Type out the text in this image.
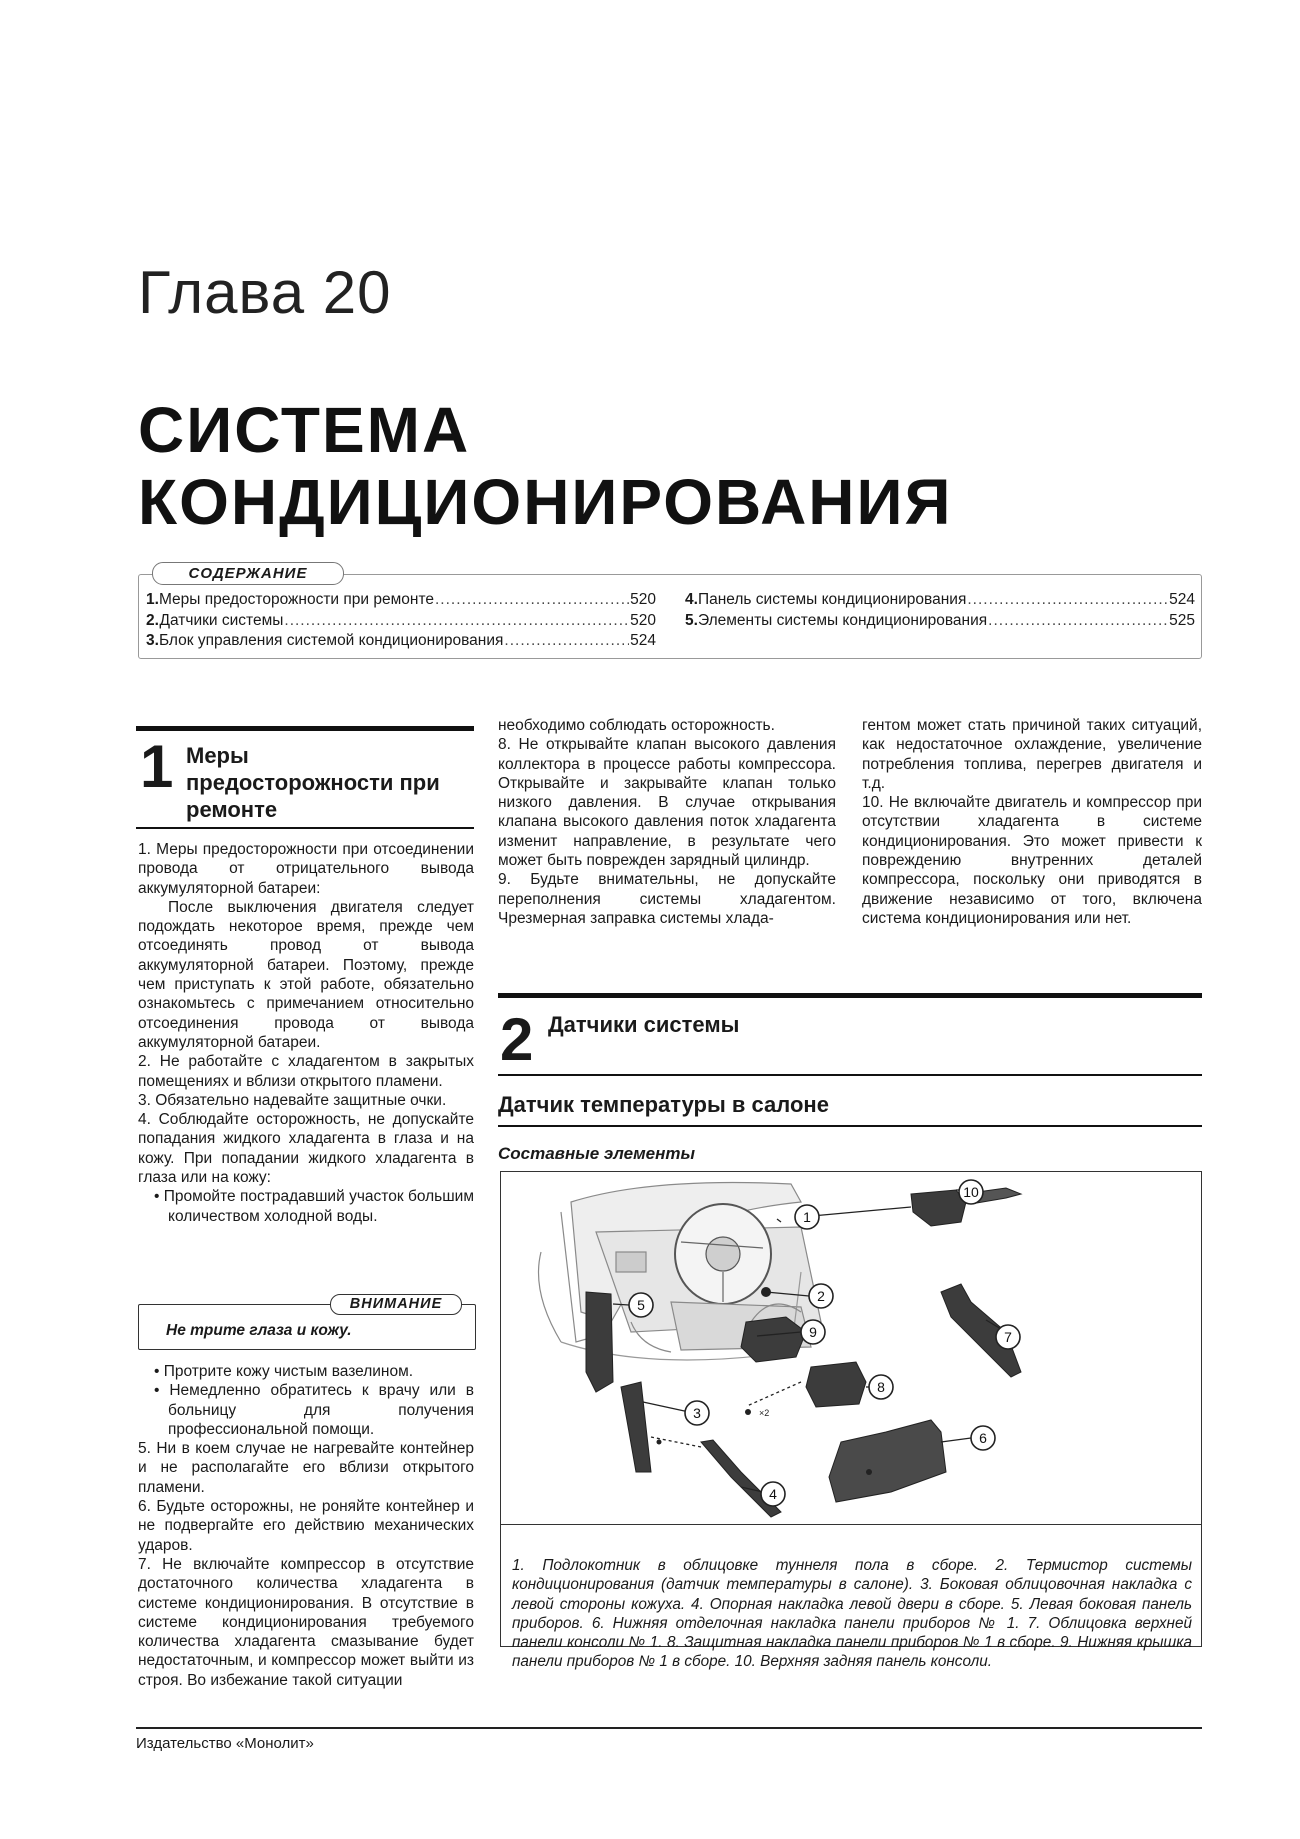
Глава 20
СИСТЕМА
КОНДИЦИОНИРОВАНИЯ
СОДЕРЖАНИЕ
1. Меры предосторожности при ремонте .....	520
2. Датчики системы .....	520
3. Блок управления системой кондиционирования .....	524
4. Панель системы кондиционирования .....	524
5. Элементы системы кондиционирования .....	525
1 Меры предосторожности при ремонте

1. Меры предосторожности при отсоединении провода от отрицательного вывода аккумуляторной батареи:

После выключения двигателя следует подождать некоторое время, прежде чем отсоединять провод от вывода аккумуляторной батареи. Поэтому, прежде чем приступать к этой работе, обязательно ознакомьтесь с примечанием относительно отсоединения провода от вывода аккумуляторной батареи.

2. Не работайте с хладагентом в закрытых помещениях и вблизи открытого пламени.

3. Обязательно надевайте защитные очки.

4. Соблюдайте осторожность, не допускайте попадания жидкого хладагента в глаза и на кожу. При попадании жидкого хладагента в глаза или на кожу:

• Промойте пострадавший участок большим количеством холодной воды.

ВНИМАНИЕ
Не трите глаза и кожу.

• Протрите кожу чистым вазелином.

• Немедленно обратитесь к врачу или в больницу для получения профессиональной помощи.

5. Ни в коем случае не нагревайте контейнер и не располагайте его вблизи открытого пламени.

6. Будьте осторожны, не роняйте контейнер и не подвергайте его действию механических ударов.

7. Не включайте компрессор в отсутствие достаточного количества хладагента в системе кондиционирования. В отсутствие в системе кондиционирования требуемого количества хладагента смазывание будет недостаточным, и компрессор может выйти из строя. Во избежание такой ситуации

необходимо соблюдать осторожность.

8. Не открывайте клапан высокого давления коллектора в процессе работы компрессора. Открывайте и закрывайте клапан только низкого давления. В случае открывания клапана высокого давления поток хладагента изменит направление, в результате чего может быть поврежден зарядный цилиндр.

9. Будьте внимательны, не допускайте переполнения системы хладагентом. Чрезмерная заправка системы хлада-

гентом может стать причиной таких ситуаций, как недостаточное охлаждение, увеличение потребления топлива, перегрев двигателя и т.д.

10. Не включайте двигатель и компрессор при отсутствии хладагента в системе кондиционирования. Это может привести к повреждению внутренних деталей компрессора, поскольку они приводятся в движение независимо от того, включена система кондиционирования или нет.

2 Датчики системы
Датчик температуры в салоне
Составные элементы
1
10
2
5
3
4
9
8
7
6
×2
1. Подлокотник в облицовке туннеля пола в сборе. 2. Термистор системы кондиционирования (датчик температуры в салоне). 3. Боковая облицовочная накладка с левой стороны кожуха. 4. Опорная накладка левой двери в сборе. 5. Левая боковая панель приборов. 6. Нижняя отделочная накладка панели приборов № 1. 7. Облицовка верхней панели консоли № 1. 8. Защитная накладка панели приборов № 1 в сборе. 9. Нижняя крышка панели приборов № 1 в сборе. 10. Верхняя задняя панель консоли.
Издательство «Монолит»
